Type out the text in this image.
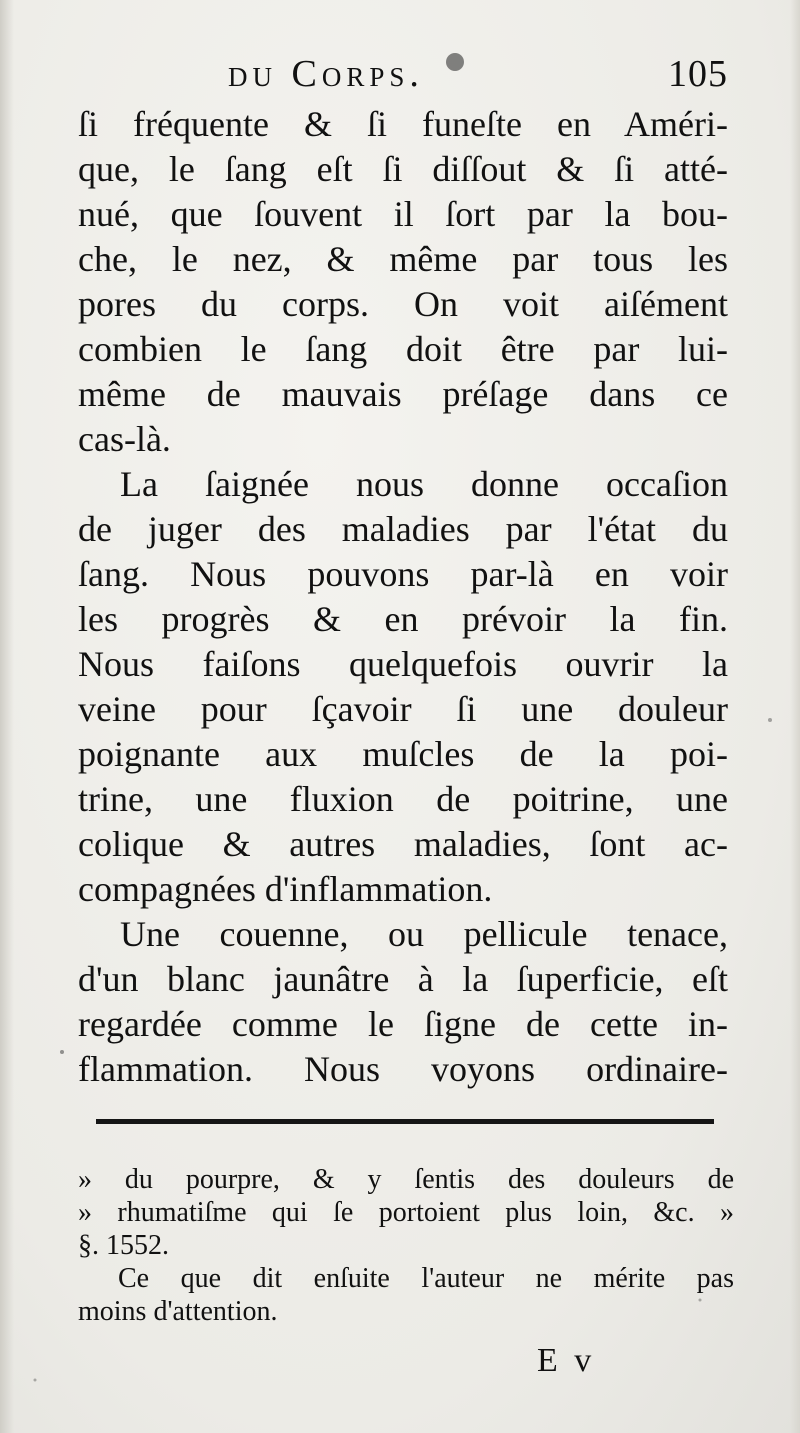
du Corps.	105
ſi fréquente & ſi funeſte en Améri-
que, le ſang eſt ſi diſſout & ſi atté-
nué, que ſouvent il ſort par la bou-
che, le nez, & même par tous les
pores du corps. On voit aiſément
combien le ſang doit être par lui-
même de mauvais préſage dans ce
cas-là.
La ſaignée nous donne occaſion
de juger des maladies par l'état du
ſang. Nous pouvons par-là en voir
les progrès & en prévoir la fin.
Nous faiſons quelquefois ouvrir la
veine pour ſçavoir ſi une douleur
poignante aux muſcles de la poi-
trine, une fluxion de poitrine, une
colique & autres maladies, ſont ac-
compagnées d'inflammation.
Une couenne, ou pellicule tenace,
d'un blanc jaunâtre à la ſuperficie, eſt
regardée comme le ſigne de cette in-
flammation. Nous voyons ordinaire-
» du pourpre, & y ſentis des douleurs de
» rhumatiſme qui ſe portoient plus loin, &c. »
§. 1552.
Ce que dit enſuite l'auteur ne mérite pas
moins d'attention.
E v
